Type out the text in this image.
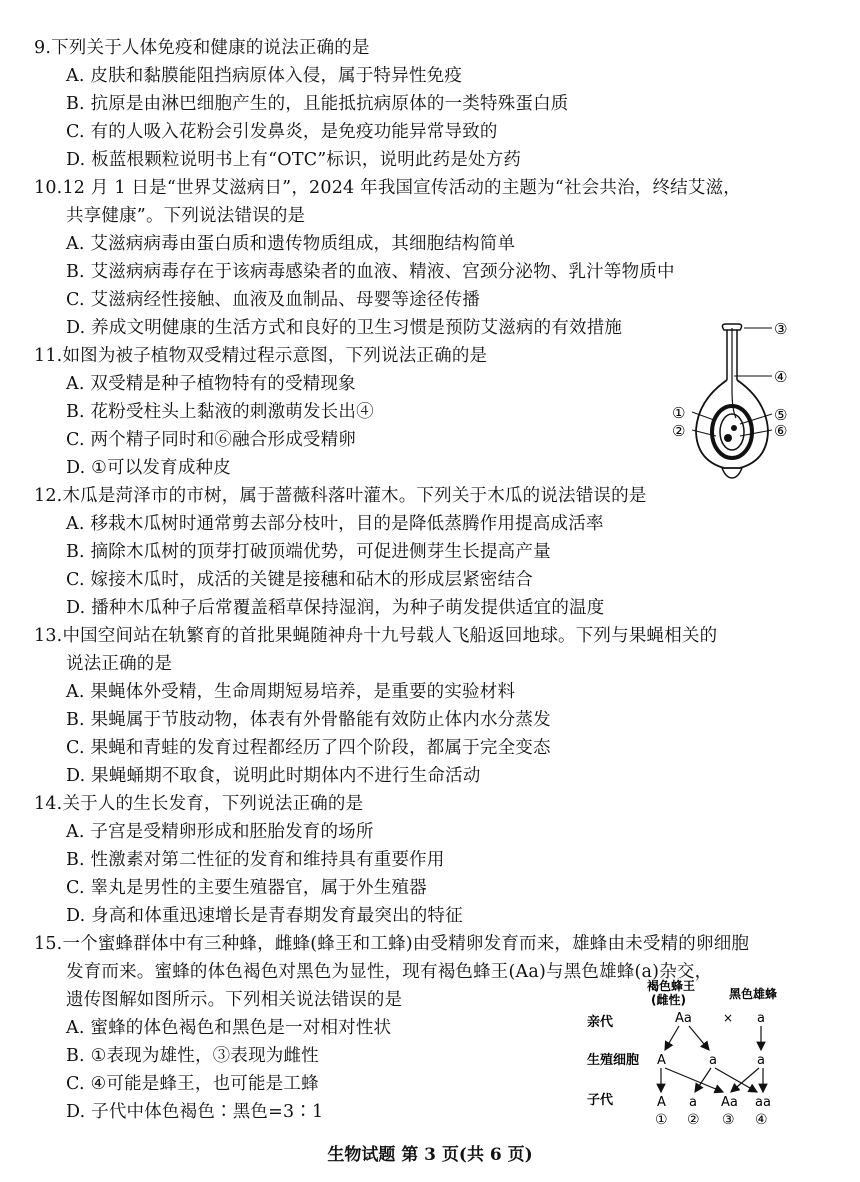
9.下列关于人体免疫和健康的说法正确的是
A. 皮肤和黏膜能阻挡病原体入侵，属于特异性免疫
B. 抗原是由淋巴细胞产生的，且能抵抗病原体的一类特殊蛋白质
C. 有的人吸入花粉会引发鼻炎，是免疫功能异常导致的
D. 板蓝根颗粒说明书上有“OTC”标识，说明此药是处方药
10.12 月 1 日是“世界艾滋病日”，2024 年我国宣传活动的主题为“社会共治，终结艾滋，
共享健康”。下列说法错误的是
A. 艾滋病病毒由蛋白质和遗传物质组成，其细胞结构简单
B. 艾滋病病毒存在于该病毒感染者的血液、精液、宫颈分泌物、乳汁等物质中
C. 艾滋病经性接触、血液及血制品、母婴等途径传播
D. 养成文明健康的生活方式和良好的卫生习惯是预防艾滋病的有效措施
11.如图为被子植物双受精过程示意图，下列说法正确的是
A. 双受精是种子植物特有的受精现象
B. 花粉受柱头上黏液的刺激萌发长出④
C. 两个精子同时和⑥融合形成受精卵
D. ①可以发育成种皮
③
④
①	⑤
②	⑥
12.木瓜是菏泽市的市树，属于蔷薇科落叶灌木。下列关于木瓜的说法错误的是
A. 移栽木瓜树时通常剪去部分枝叶，目的是降低蒸腾作用提高成活率
B. 摘除木瓜树的顶芽打破顶端优势，可促进侧芽生长提高产量
C. 嫁接木瓜时，成活的关键是接穗和砧木的形成层紧密结合
D. 播种木瓜种子后常覆盖稻草保持湿润，为种子萌发提供适宜的温度
13.中国空间站在轨繁育的首批果蝇随神舟十九号载人飞船返回地球。下列与果蝇相关的
说法正确的是
A. 果蝇体外受精，生命周期短易培养，是重要的实验材料
B. 果蝇属于节肢动物，体表有外骨骼能有效防止体内水分蒸发
C. 果蝇和青蛙的发育过程都经历了四个阶段，都属于完全变态
D. 果蝇蛹期不取食，说明此时期体内不进行生命活动
14.关于人的生长发育，下列说法正确的是
A. 子宫是受精卵形成和胚胎发育的场所
B. 性激素对第二性征的发育和维持具有重要作用
C. 睾丸是男性的主要生殖器官，属于外生殖器
D. 身高和体重迅速增长是青春期发育最突出的特征
15.一个蜜蜂群体中有三种蜂，雌蜂(蜂王和工蜂)由受精卵发育而来，雄蜂由未受精的卵细胞
发育而来。蜜蜂的体色褐色对黑色为显性，现有褐色蜂王(Aa)与黑色雄蜂(a)杂交，
遗传图解如图所示。下列相关说法错误的是
A. 蜜蜂的体色褐色和黑色是一对相对性状
B. ①表现为雄性，③表现为雌性
C. ④可能是蜂王，也可能是工蜂
D. 子代中体色褐色∶黑色=3∶1
褐色蜂王
(雌性)	黑色雄蜂
亲代	Aa	× a
生殖细胞 A	a	a
子代	A a Aa aa
① ② ③ ④
生物试题 第 3 页(共 6 页)
